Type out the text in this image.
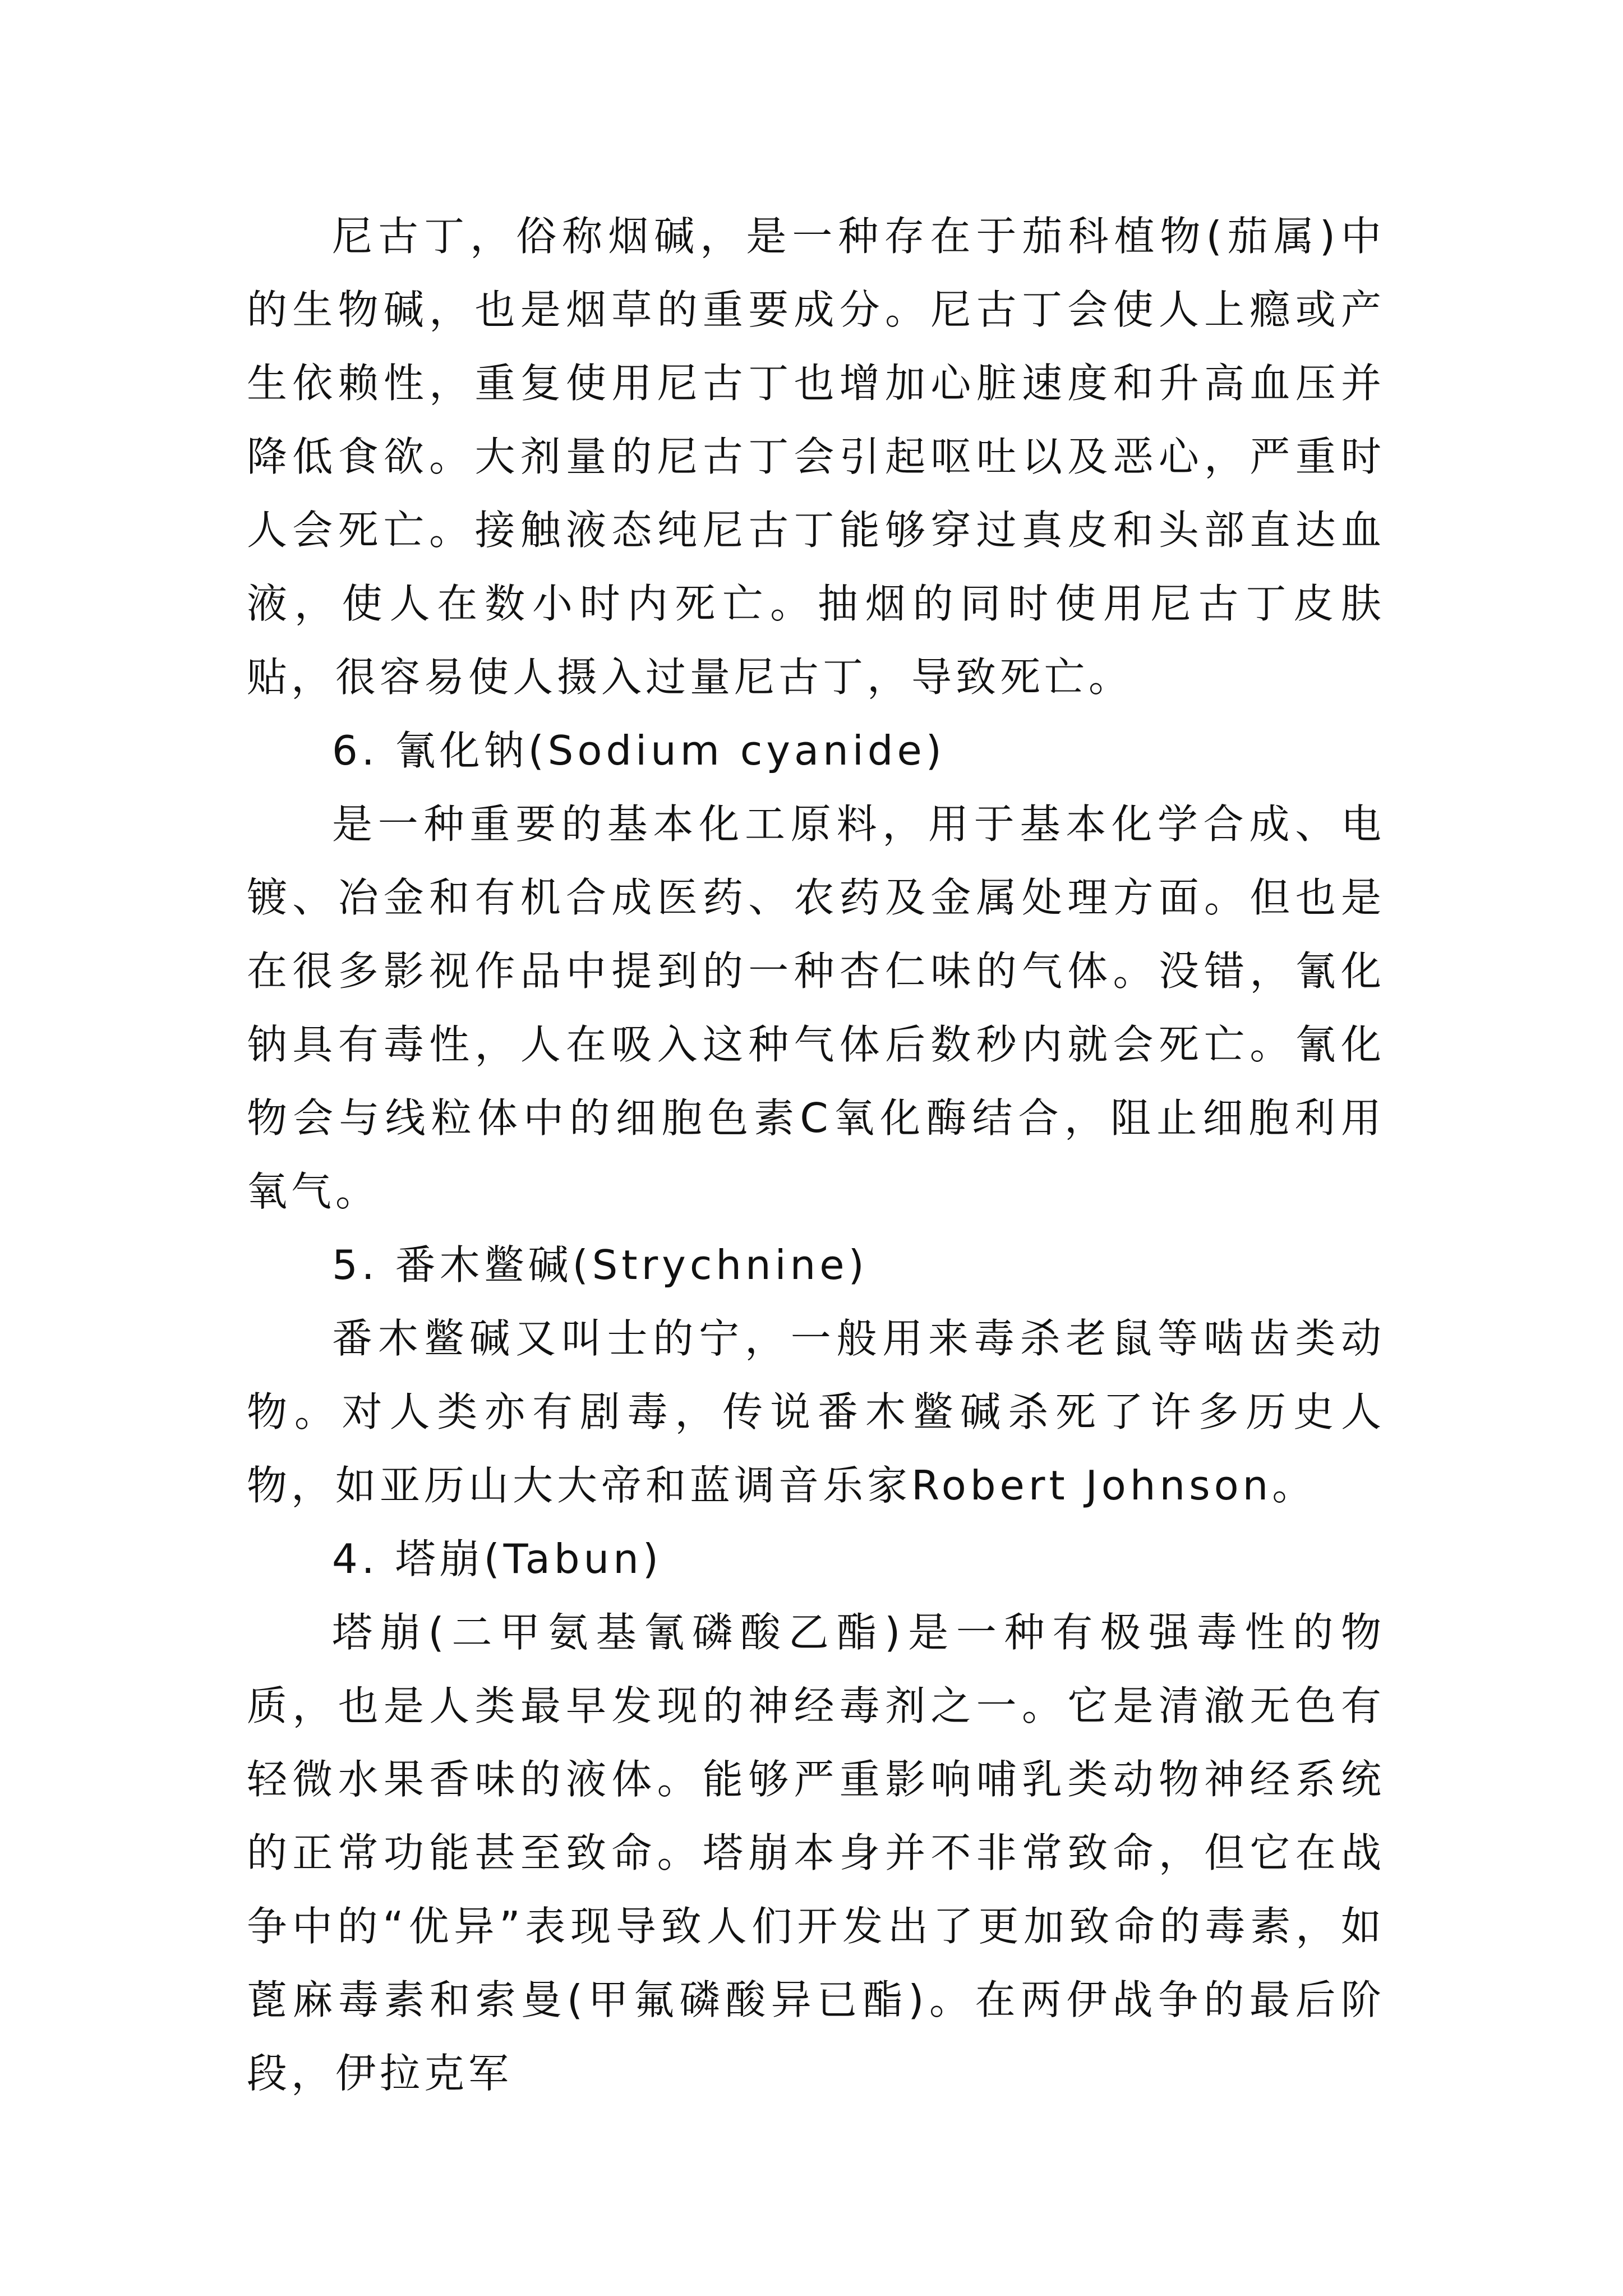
尼古丁，俗称烟碱，是一种存在于茄科植物(茄属)中的生物碱，也是烟草的重要成分。尼古丁会使人上瘾或产生依赖性，重复使用尼古丁也增加心脏速度和升高血压并降低食欲。大剂量的尼古丁会引起呕吐以及恶心，严重时人会死亡。接触液态纯尼古丁能够穿过真皮和头部直达血液，使人在数小时内死亡。抽烟的同时使用尼古丁皮肤贴，很容易使人摄入过量尼古丁，导致死亡。

6. 氰化钠(Sodium cyanide)

是一种重要的基本化工原料，用于基本化学合成、电镀、冶金和有机合成医药、农药及金属处理方面。但也是在很多影视作品中提到的一种杏仁味的气体。没错，氰化钠具有毒性，人在吸入这种气体后数秒内就会死亡。氰化物会与线粒体中的细胞色素C氧化酶结合，阻止细胞利用氧气。

5. 番木鳖碱(Strychnine)

番木鳖碱又叫士的宁，一般用来毒杀老鼠等啮齿类动物。对人类亦有剧毒，传说番木鳖碱杀死了许多历史人物，如亚历山大大帝和蓝调音乐家Robert Johnson。

4. 塔崩(Tabun)

塔崩(二甲氨基氰磷酸乙酯)是一种有极强毒性的物质，也是人类最早发现的神经毒剂之一。它是清澈无色有轻微水果香味的液体。能够严重影响哺乳类动物神经系统的正常功能甚至致命。塔崩本身并不非常致命，但它在战争中的“优异”表现导致人们开发出了更加致命的毒素，如蓖麻毒素和索曼(甲氟磷酸异已酯)。在两伊战争的最后阶段，伊拉克军
